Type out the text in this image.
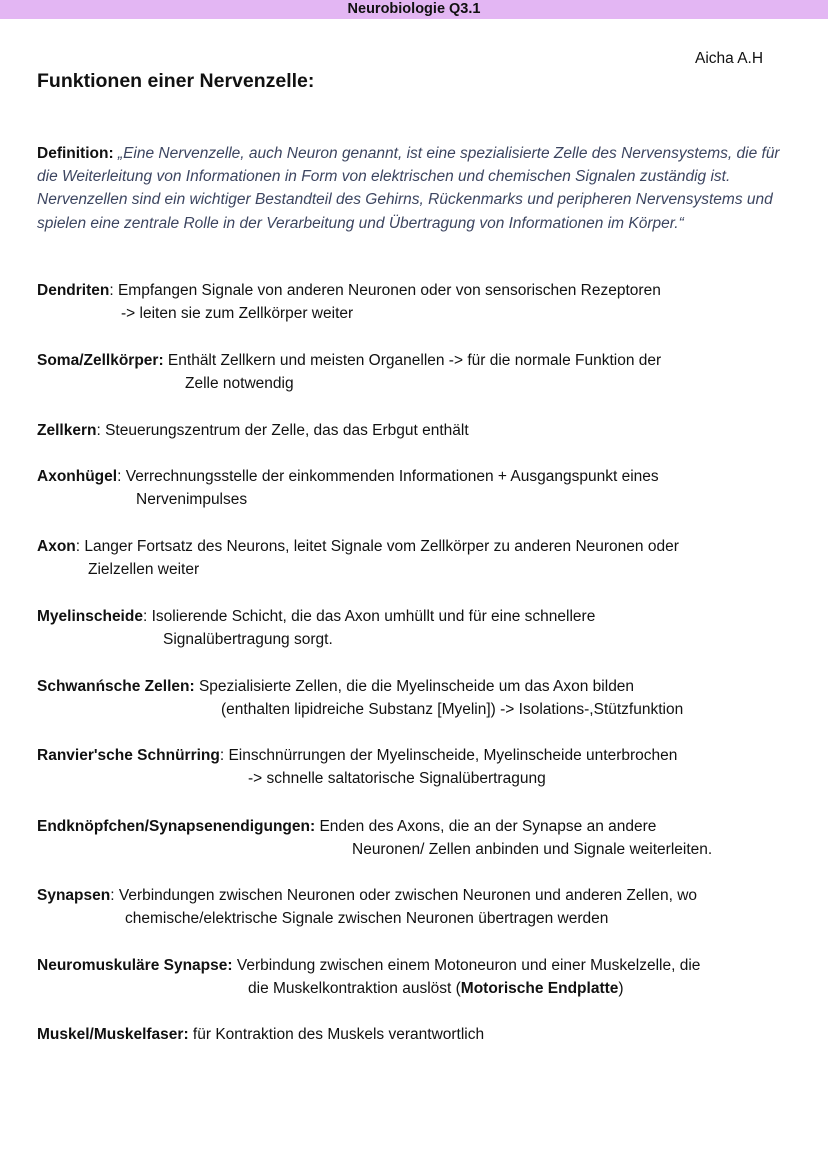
Neurobiologie Q3.1
Aicha A.H
Funktionen einer Nervenzelle:
Definition: „Eine Nervenzelle, auch Neuron genannt, ist eine spezialisierte Zelle des Nervensystems, die für die Weiterleitung von Informationen in Form von elektrischen und chemischen Signalen zuständig ist. Nervenzellen sind ein wichtiger Bestandteil des Gehirns, Rückenmarks und peripheren Nervensystems und spielen eine zentrale Rolle in der Verarbeitung und Übertragung von Informationen im Körper.“
Dendriten: Empfangen Signale von anderen Neuronen oder von sensorischen Rezeptoren
-> leiten sie zum Zellkörper weiter
Soma/Zellkörper: Enthält Zellkern und meisten Organellen -> für die normale Funktion der
Zelle notwendig
Zellkern: Steuerungszentrum der Zelle, das das Erbgut enthält
Axonhügel: Verrechnungsstelle der einkommenden Informationen + Ausgangspunkt eines
Nervenimpulses
Axon: Langer Fortsatz des Neurons, leitet Signale vom Zellkörper zu anderen Neuronen oder
Zielzellen weiter
Myelinscheide: Isolierende Schicht, die das Axon umhüllt und für eine schnellere
Signalübertragung sorgt.
Schwanńsche Zellen: Spezialisierte Zellen, die die Myelinscheide um das Axon bilden
(enthalten lipidreiche Substanz [Myelin]) -> Isolations-,Stützfunktion
Ranvier'sche Schnürring: Einschnürrungen der Myelinscheide, Myelinscheide unterbrochen
-> schnelle saltatorische Signalübertragung
Endknöpfchen/Synapsenendigungen: Enden des Axons, die an der Synapse an andere
Neuronen/ Zellen anbinden und Signale weiterleiten.
Synapsen: Verbindungen zwischen Neuronen oder zwischen Neuronen und anderen Zellen, wo
chemische/elektrische Signale zwischen Neuronen übertragen werden
Neuromuskuläre Synapse: Verbindung zwischen einem Motoneuron und einer Muskelzelle, die
die Muskelkontraktion auslöst (Motorische Endplatte)
Muskel/Muskelfaser: für Kontraktion des Muskels verantwortlich
